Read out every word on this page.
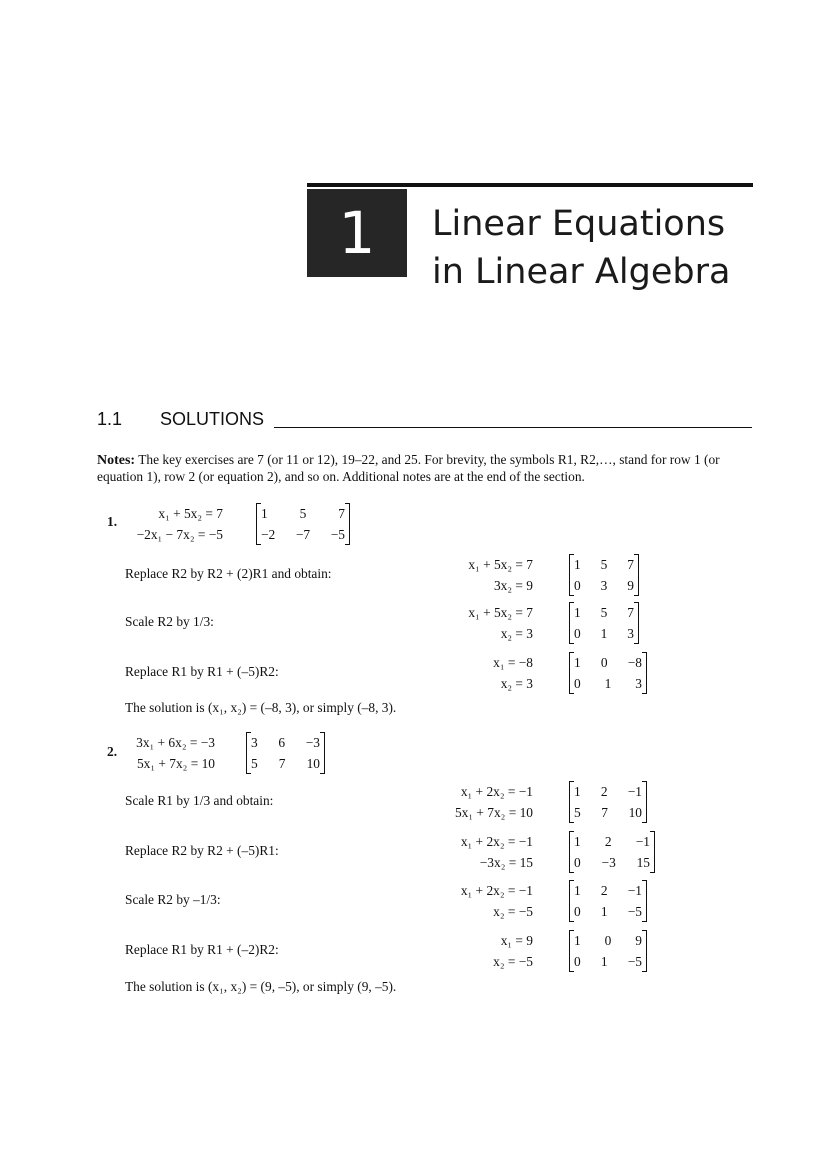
1	Linear Equations
in Linear Algebra
1.1 SOLUTIONS
Notes: The key exercises are 7 (or 11 or 12), 19–22, and 25. For brevity, the symbols R1, R2,…, stand for row 1 (or equation 1), row 2 (or equation 2), and so on. Additional notes are at the end of the section.
1.
x₁ + 5x₂ = 7
−2x₁ − 7x₂ = −5
1 5 7
−2 −7 −5
Replace R2 by R2 + (2)R1 and obtain:
x₁ + 5x₂ = 7
3x₂ = 9
1 5 7
0 3 9
Scale R2 by 1/3:
x₁ + 5x₂ = 7
x₂ = 3
1 5 7
0 1 3
Replace R1 by R1 + (–5)R2:
x₁ = −8
x₂ = 3
1 0 −8
0 1 3
The solution is (x₁, x₂) = (–8, 3), or simply (–8, 3).
2.
3x₁ + 6x₂ = −3
5x₁ + 7x₂ = 10
3 6 −3
5 7 10
Scale R1 by 1/3 and obtain:
x₁ + 2x₂ = −1
5x₁ + 7x₂ = 10
1 2 −1
5 7 10
Replace R2 by R2 + (–5)R1:
x₁ + 2x₂ = −1
−3x₂ = 15
1 2 −1
0 −3 15
Scale R2 by –1/3:
x₁ + 2x₂ = −1
x₂ = −5
1 2 −1
0 1 −5
Replace R1 by R1 + (–2)R2:
x₁ = 9
x₂ = −5
1 0 9
0 1 −5
The solution is (x₁, x₂) = (9, –5), or simply (9, –5).
